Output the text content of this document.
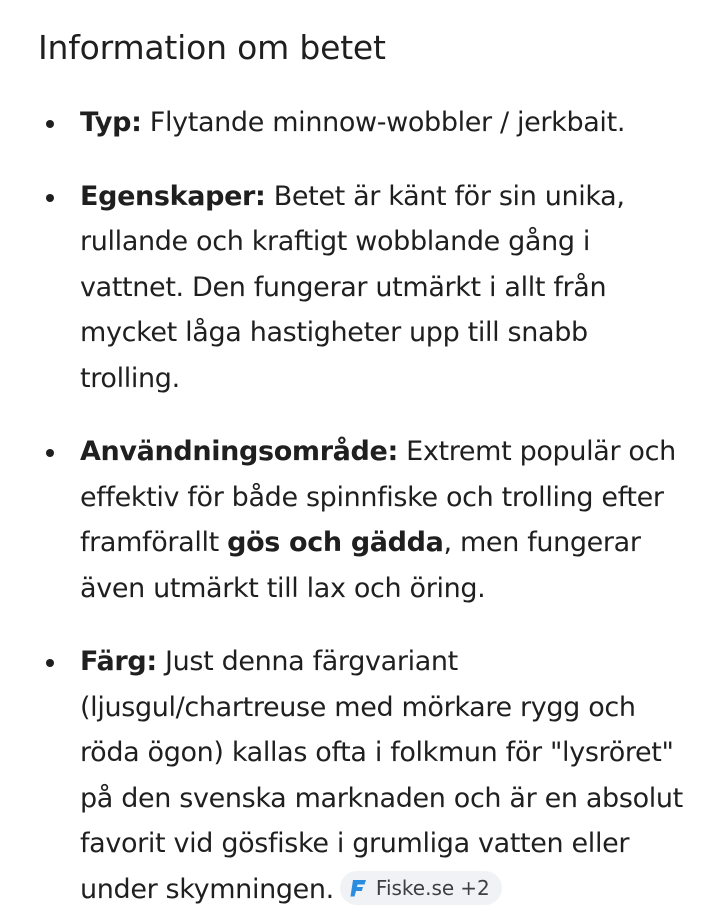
Information om betet
Typ: Flytande minnow-wobbler / jerkbait.
Egenskaper: Betet är känt för sin unika, rullande och kraftigt wobblande gång i vattnet. Den fungerar utmärkt i allt från mycket låga hastigheter upp till snabb trolling.
Användningsområde: Extremt populär och effektiv för både spinnfiske och trolling efter framförallt gös och gädda, men fungerar även utmärkt till lax och öring.
Färg: Just denna färgvariant (ljusgul/chartreuse med mörkare rygg och röda ögon) kallas ofta i folkmun för "lysröret" på den svenska marknaden och är en absolut favorit vid gösfiske i grumliga vatten eller under skymningen. Fiske.se +2
